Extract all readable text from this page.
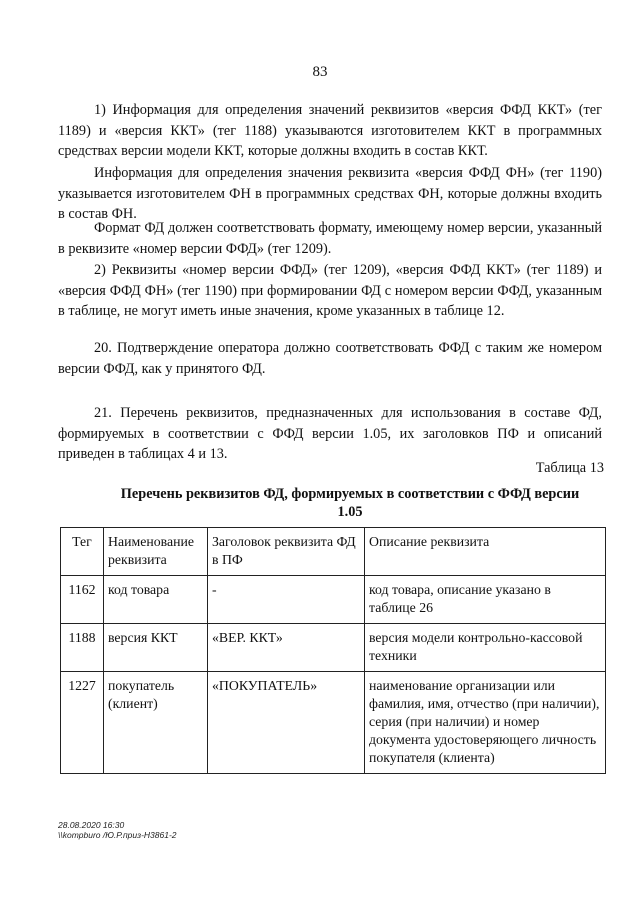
83

1) Информация для определения значений реквизитов «версия ФФД ККТ» (тег 1189) и «версия ККТ» (тег 1188) указываются изготовителем ККТ в программных средствах версии модели ККТ, которые должны входить в состав ККТ.

Информация для определения значения реквизита «версия ФФД ФН» (тег 1190) указывается изготовителем ФН в программных средствах ФН, которые должны входить в состав ФН.

Формат ФД должен соответствовать формату, имеющему номер версии, указанный в реквизите «номер версии ФФД» (тег 1209).

2) Реквизиты «номер версии ФФД» (тег 1209), «версия ФФД ККТ» (тег 1189) и «версия ФФД ФН» (тег 1190) при формировании ФД с номером версии ФФД, указанным в таблице, не могут иметь иные значения, кроме указанных в таблице 12.

20. Подтверждение оператора должно соответствовать ФФД с таким же номером версии ФФД, как у принятого ФД.

21. Перечень реквизитов, предназначенных для использования в составе ФД, формируемых в соответствии с ФФД версии 1.05, их заголовков ПФ и описаний приведен в таблицах 4 и 13.

Таблица 13
Перечень реквизитов ФД, формируемых в соответствии с ФФД версии
1.05
Тег	Наименование реквизита	Заголовок реквизита ФД в ПФ	Описание реквизита
1162	код товара	-	код товара, описание указано в таблице 26
1188	версия ККТ	«ВЕР. ККТ»	версия модели контрольно-кассовой техники
1227	покупатель (клиент)	«ПОКУПАТЕЛЬ»	наименование организации или фамилия, имя, отчество (при наличии), серия (при наличии) и номер документа удостоверяющего личность покупателя (клиента)
28.08.2020 16:30
\\kompburo /Ю.Р.приз-Н3861-2
